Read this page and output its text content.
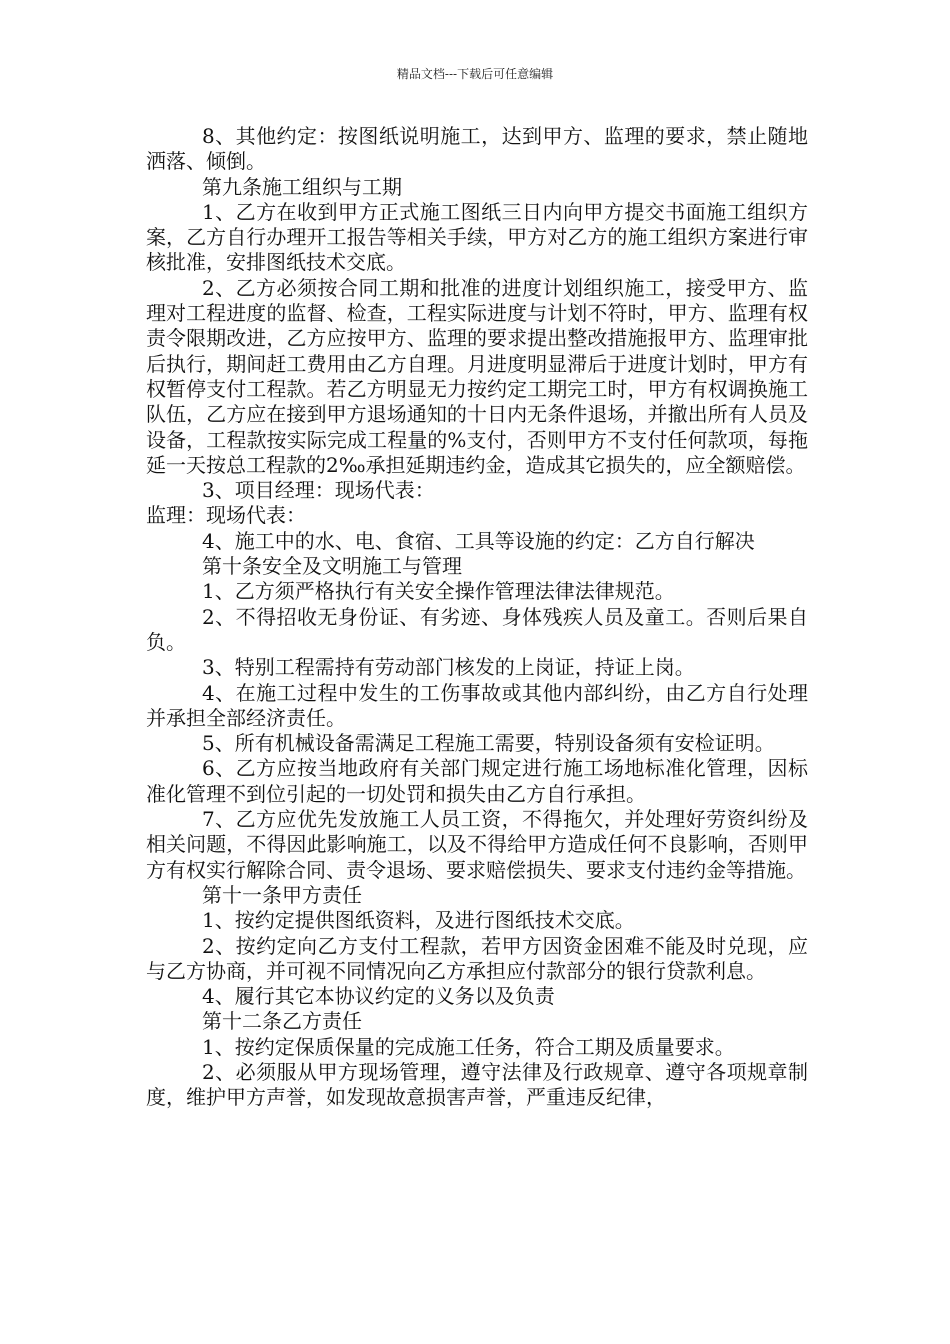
精品文档---下载后可任意编辑

8、其他约定：按图纸说明施工，达到甲方、监理的要求，禁止随地洒落、倾倒。

第九条施工组织与工期

1、乙方在收到甲方正式施工图纸三日内向甲方提交书面施工组织方案，乙方自行办理开工报告等相关手续，甲方对乙方的施工组织方案进行审核批准，安排图纸技术交底。

2、乙方必须按合同工期和批准的进度计划组织施工，接受甲方、监理对工程进度的监督、检查，工程实际进度与计划不符时，甲方、监理有权责令限期改进，乙方应按甲方、监理的要求提出整改措施报甲方、监理审批后执行，期间赶工费用由乙方自理。月进度明显滞后于进度计划时，甲方有权暂停支付工程款。若乙方明显无力按约定工期完工时，甲方有权调换施工队伍，乙方应在接到甲方退场通知的十日内无条件退场，并撤出所有人员及设备，工程款按实际完成工程量的%支付，否则甲方不支付任何款项，每拖延一天按总工程款的2‰承担延期违约金，造成其它损失的，应全额赔偿。

3、项目经理：现场代表：

监理：现场代表：

4、施工中的水、电、食宿、工具等设施的约定：乙方自行解决

第十条安全及文明施工与管理

1、乙方须严格执行有关安全操作管理法律法律规范。

2、不得招收无身份证、有劣迹、身体残疾人员及童工。否则后果自负。

3、特别工程需持有劳动部门核发的上岗证，持证上岗。

4、在施工过程中发生的工伤事故或其他内部纠纷，由乙方自行处理并承担全部经济责任。

5、所有机械设备需满足工程施工需要，特别设备须有安检证明。

6、乙方应按当地政府有关部门规定进行施工场地标准化管理，因标准化管理不到位引起的一切处罚和损失由乙方自行承担。

7、乙方应优先发放施工人员工资，不得拖欠，并处理好劳资纠纷及相关问题，不得因此影响施工，以及不得给甲方造成任何不良影响，否则甲方有权实行解除合同、责令退场、要求赔偿损失、要求支付违约金等措施。

第十一条甲方责任

1、按约定提供图纸资料，及进行图纸技术交底。

2、按约定向乙方支付工程款，若甲方因资金困难不能及时兑现，应与乙方协商，并可视不同情况向乙方承担应付款部分的银行贷款利息。

4、履行其它本协议约定的义务以及负责

第十二条乙方责任

1、按约定保质保量的完成施工任务，符合工期及质量要求。

2、必须服从甲方现场管理，遵守法律及行政规章、遵守各项规章制度，维护甲方声誉，如发现故意损害声誉，严重违反纪律，
